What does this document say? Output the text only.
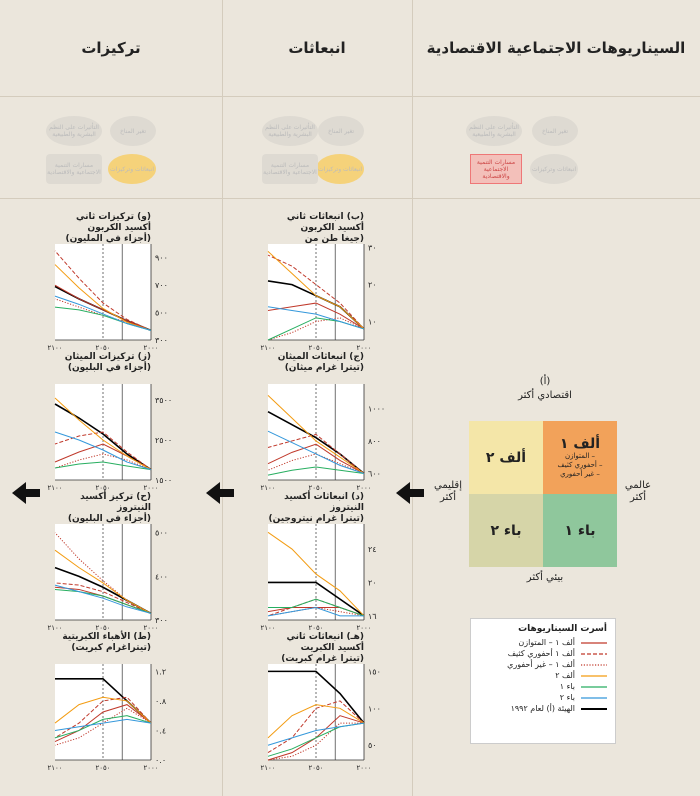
السيناريوهات الاجتماعية الاقتصادية
انبعاثات
تركيزات
تغير المناخ
التأثيرات على النظم البشرية والطبيعية
انبعاثات وتركيزات
مسارات التنمية الاجتماعية والاقتصادية
تغير المناخ
التأثيرات على النظم البشرية والطبيعية
انبعاثات وتركيزات
مسارات التنمية الاجتماعية والاقتصادية
تغير المناخ
التأثيرات على النظم البشرية والطبيعية
انبعاثات وتركيزات
مسارات التنمية الاجتماعية والاقتصادية
(أ)
اقتصادي أكثر
بيئي أكثر
إقليمي أكثر
عالمي أكثر
ألف ١
– المتوازن
– أحفوري كثيف
– غير أحفوري
ألف ٢
باء ١
باء ٢
أسرت السيناريوهات
ألف ١ – المتوازن
ألف ١ أحفوري كثيف
ألف ١ – غير أحفوري
ألف ٢
باء ١
باء ٢
الهيئة (أ) لعام ١٩٩٢
(ب) انبعاثات ثاني أكسيد الكربون
(جيغا طن من
١٠
٢٠
٣٠
٢٠٠٠
٢٠٥٠
٢١٠٠
(ج) انبعاثات الميثان
(تيترا غرام ميثان)
٦٠٠
٨٠٠
١٠٠٠
٢٠٠٠
٢٠٥٠
٢١٠٠
(د) انبعاثات أكسيد النيتروز
(تيترا غرام نيتروجين)
١٦
٢٠
٢٤
٢٠٠٠
٢٠٥٠
٢١٠٠
(هـ) انبعاثات ثاني أكسيد الكبريت
(تيترا غرام كبريت)
٥٠
١٠٠
١٥٠
٢٠٠٠
٢٠٥٠
٢١٠٠
(و) تركيزات ثاني أكسيد الكربون
(أجزاء في المليون)
٣٠٠
٥٠٠
٧٠٠
٩٠٠
٢٠٠٠
٢٠٥٠
٢١٠٠
(ز) تركيزات الميثان
(أجزاء في البليون)
١٥٠٠
٢٥٠٠
٣٥٠٠
٢٠٠٠
٢٠٥٠
٢١٠٠
(ح) تركيز أكسيد النيتروز
(أجزاء في البليون)
٣٠٠
٤٠٠
٥٠٠
٢٠٠٠
٢٠٥٠
٢١٠٠
(ط) الأهباء الكبريتية
(تيتراغرام كبريت)
٠.٠
٠.٤
٠.٨
١.٢
٢٠٠٠
٢٠٥٠
٢١٠٠
